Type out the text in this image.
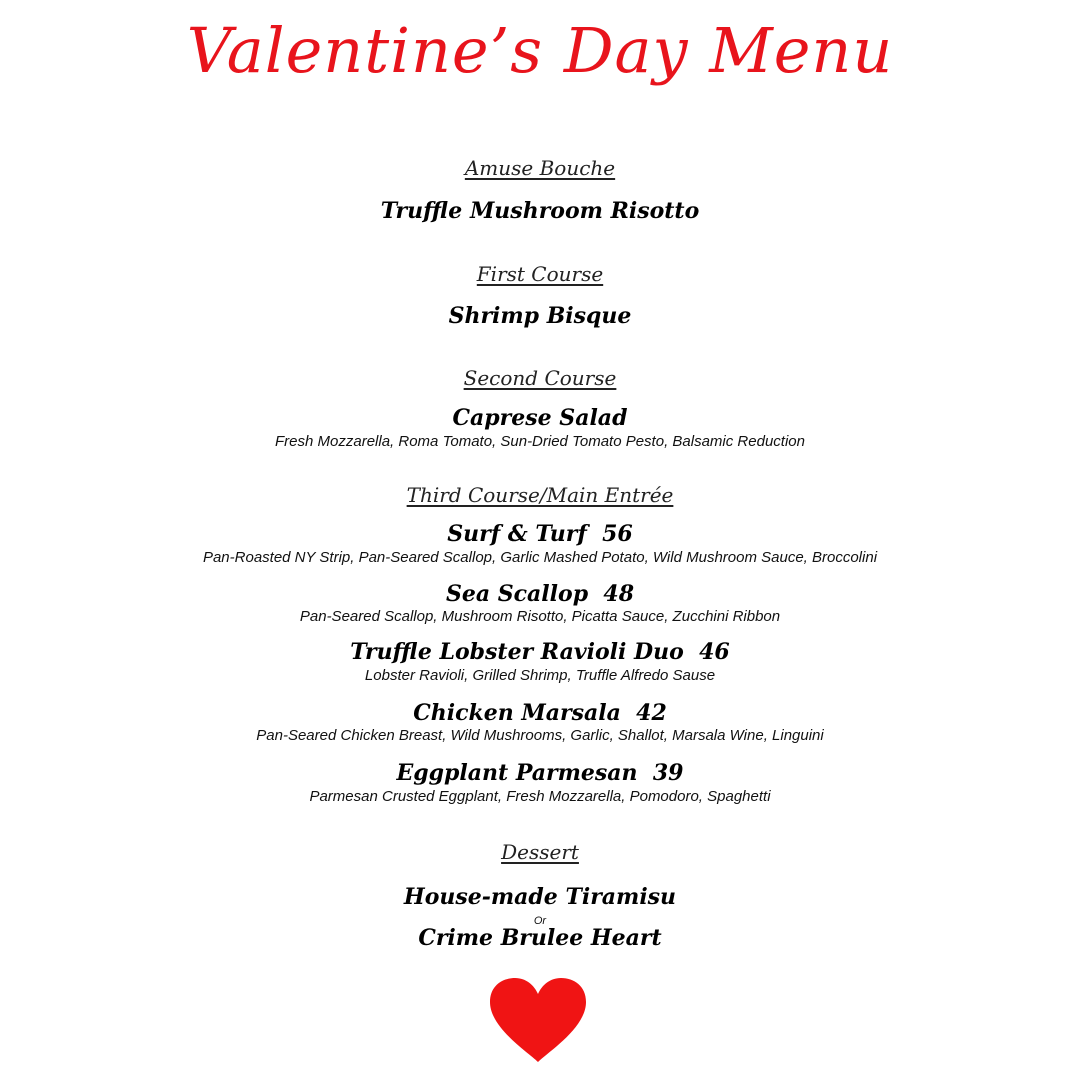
Valentine’s Day Menu
Amuse Bouche
Truffle Mushroom Risotto
First Course
Shrimp Bisque
Second Course
Caprese Salad
Fresh Mozzarella, Roma Tomato, Sun-Dried Tomato Pesto, Balsamic Reduction
Third Course/Main Entrée
Surf & Turf  56
Pan-Roasted NY Strip, Pan-Seared Scallop, Garlic Mashed Potato, Wild Mushroom Sauce, Broccolini
Sea Scallop  48
Pan-Seared Scallop, Mushroom Risotto, Picatta Sauce, Zucchini Ribbon
Truffle Lobster Ravioli Duo  46
Lobster Ravioli, Grilled Shrimp, Truffle Alfredo Sause
Chicken Marsala  42
Pan-Seared Chicken Breast, Wild Mushrooms, Garlic, Shallot, Marsala Wine, Linguini
Eggplant Parmesan  39
Parmesan Crusted Eggplant, Fresh Mozzarella, Pomodoro, Spaghetti
Dessert
House-made Tiramisu
Or
Crime Brulee Heart
